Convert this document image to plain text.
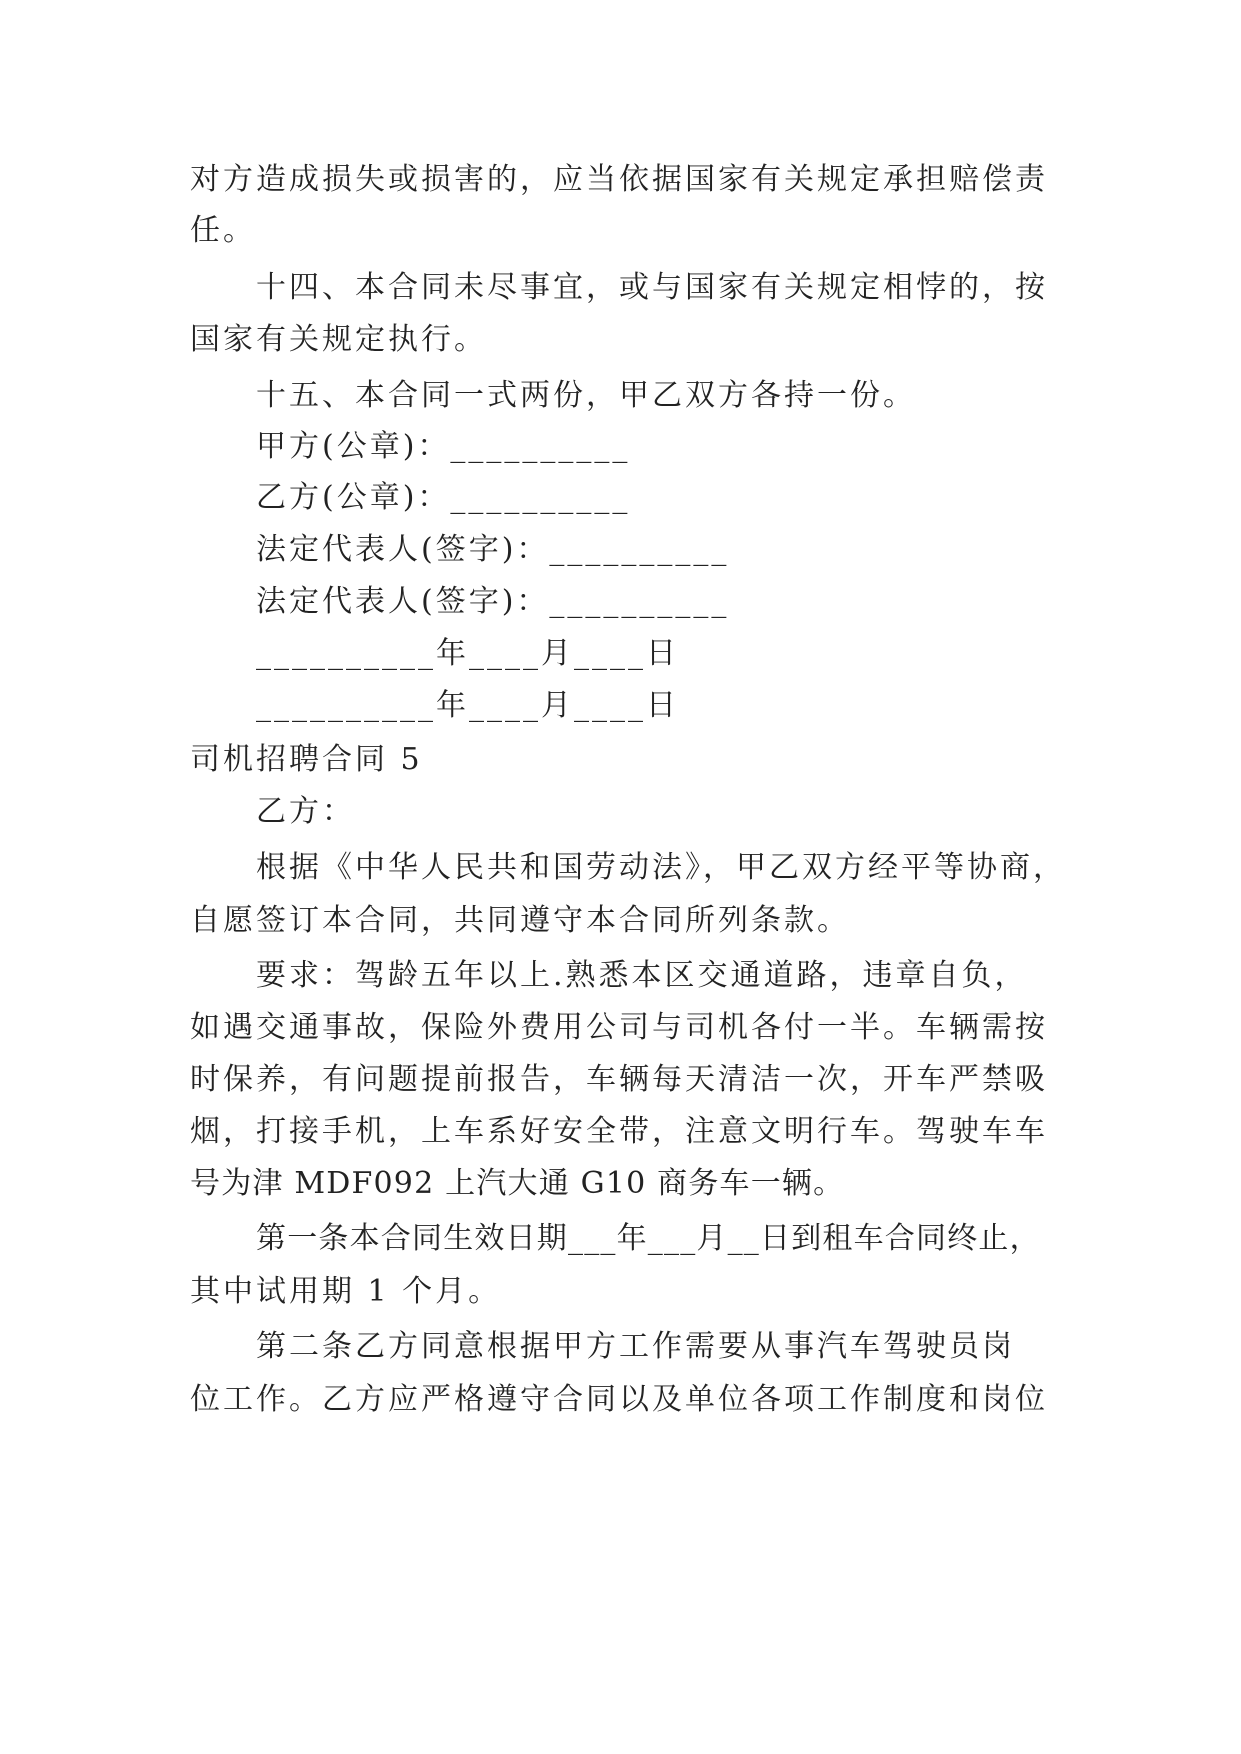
对方造成损失或损害的，应当依据国家有关规定承担赔偿责
任。
十四、本合同未尽事宜，或与国家有关规定相悖的，按
国家有关规定执行。
十五、本合同一式两份，甲乙双方各持一份。
甲方(公章)：__________
乙方(公章)：__________
法定代表人(签字)：__________
法定代表人(签字)：__________
__________年____月____日
__________年____月____日
司机招聘合同 5
乙方：
根据《中华人民共和国劳动法》，甲乙双方经平等协商，
自愿签订本合同，共同遵守本合同所列条款。
要求：驾龄五年以上.熟悉本区交通道路，违章自负，
如遇交通事故，保险外费用公司与司机各付一半。车辆需按
时保养，有问题提前报告，车辆每天清洁一次，开车严禁吸
烟，打接手机，上车系好安全带，注意文明行车。驾驶车车
号为津 MDF092 上汽大通 G10 商务车一辆。
第一条本合同生效日期___年___月__日到租车合同终止，
其中试用期 1 个月。
第二条乙方同意根据甲方工作需要从事汽车驾驶员岗
位工作。乙方应严格遵守合同以及单位各项工作制度和岗位
